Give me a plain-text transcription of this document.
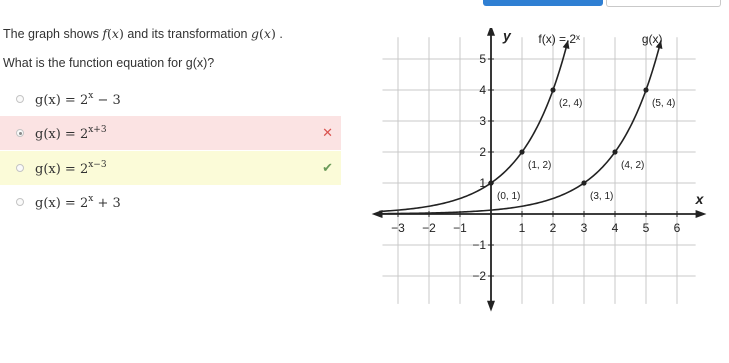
The graph shows f(x) and its transformation g(x) .
What is the function equation for g(x)?
$g(x) = 2^x - 3$
$g(x) = 2^{x+3}$	✕
$g(x) = 2^{x-3}$	✔
$g(x) = 2^x + 3$
−3 −2 −1	1 2 3 4 5 6
−2
−1
1
2
3
4
5
x
y
(0, 1)
(1, 2)
(2, 4)
f(x) = 2ˣ
(3, 1)
(4, 2)
(5, 4)
g(x)
